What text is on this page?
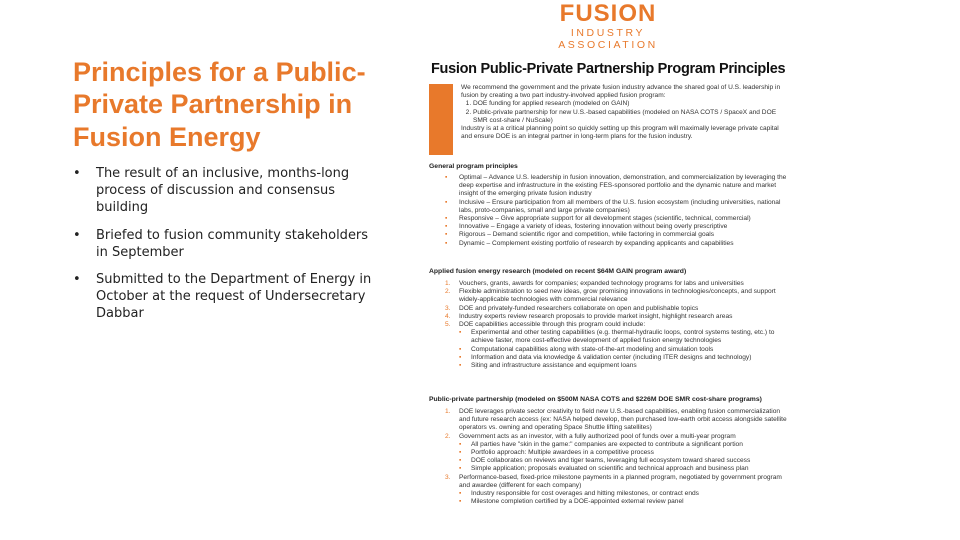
Principles for a Public-Private Partnership in Fusion Energy
• The result of an inclusive, months-long process of discussion and consensus building
• Briefed to fusion community stakeholders in September
• Submitted to the Department of Energy in October at the request of Undersecretary Dabbar
FUSION
INDUSTRY
ASSOCIATION
Fusion Public-Private Partnership Program Principles
We recommend the government and the private fusion industry advance the shared goal of U.S. leadership in fusion by creating a two part industry-involved applied fusion program:
1. DOE funding for applied research (modeled on GAIN)
2. Public-private partnership for new U.S.-based capabilities (modeled on NASA COTS / SpaceX and DOE SMR cost-share / NuScale)
Industry is at a critical planning point so quickly setting up this program will maximally leverage private capital and ensure DOE is an integral partner in long-term plans for the fusion industry.
General program principles
▪ Optimal – Advance U.S. leadership in fusion innovation, demonstration, and commercialization by leveraging the deep expertise and infrastructure in the existing FES-sponsored portfolio and the dynamic nature and market insight of the emerging private fusion industry
▪ Inclusive – Ensure participation from all members of the U.S. fusion ecosystem (including universities, national labs, proto-companies, small and large private companies)
▪ Responsive – Give appropriate support for all development stages (scientific, technical, commercial)
▪ Innovative – Engage a variety of ideas, fostering innovation without being overly prescriptive
▪ Rigorous – Demand scientific rigor and competition, while factoring in commercial goals
▪ Dynamic – Complement existing portfolio of research by expanding applicants and capabilities
Applied fusion energy research (modeled on recent $64M GAIN program award)
1. Vouchers, grants, awards for companies; expanded technology programs for labs and universities
2. Flexible administration to seed new ideas, grow promising innovations in technologies/concepts, and support widely-applicable technologies with commercial relevance
3. DOE and privately-funded researchers collaborate on open and publishable topics
4. Industry experts review research proposals to provide market insight, highlight research areas
5. DOE capabilities accessible through this program could include:
▪ Experimental and other testing capabilities (e.g. thermal-hydraulic loops, control systems testing, etc.) to achieve faster, more cost-effective development of applied fusion energy technologies
▪ Computational capabilities along with state-of-the-art modeling and simulation tools
▪ Information and data via knowledge & validation center (including ITER designs and technology)
▪ Siting and infrastructure assistance and equipment loans
Public-private partnership (modeled on $500M NASA COTS and $226M DOE SMR cost-share programs)
1. DOE leverages private sector creativity to field new U.S.-based capabilities, enabling fusion commercialization and future research access (ex: NASA helped develop, then purchased low-earth orbit access alongside satellite operators vs. owning and operating Space Shuttle lifting satellites)
2. Government acts as an investor, with a fully authorized pool of funds over a multi-year program
▪ All parties have "skin in the game:" companies are expected to contribute a significant portion
▪ Portfolio approach: Multiple awardees in a competitive process
▪ DOE collaborates on reviews and tiger teams, leveraging full ecosystem toward shared success
▪ Simple application; proposals evaluated on scientific and technical approach and business plan
3. Performance-based, fixed-price milestone payments in a planned program, negotiated by government program and awardee (different for each company)
▪ Industry responsible for cost overages and hitting milestones, or contract ends
▪ Milestone completion certified by a DOE-appointed external review panel
